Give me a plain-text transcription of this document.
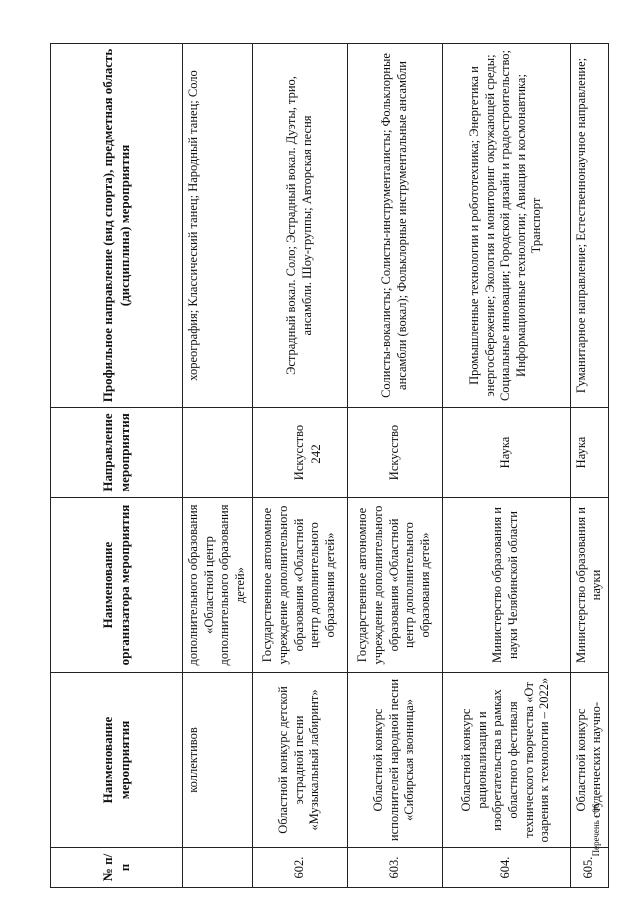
242
Перечень - 06
№ п/п	Наименование мероприятия	Наименование организатора мероприятия	Направление мероприятия	Профильное направление (вид спорта), предметная область (дисциплина) мероприятия
	коллективов	дополнительного образования «Областной центр дополнительного образования детей»		хореография; Классический танец; Народный танец; Соло
602.	Областной конкурс детской эстрадной песни «Музыкальный лабиринт»	Государственное автономное учреждение дополнительного образования «Областной центр дополнительного образования детей»	Искусство	Эстрадный вокал. Соло; Эстрадный вокал. Дуэты, трио, ансамбли. Шоу-группы; Авторская песня
603.	Областной конкурс исполнителей народной песни «Сибирская звонница»	Государственное автономное учреждение дополнительного образования «Областной центр дополнительного образования детей»	Искусство	Солисты-вокалисты; Солисты-инструменталисты; Фольклорные ансамбли (вокал); Фольклорные инструментальные ансамбли
604.	Областной конкурс рационализации и изобретательства в рамках областного фестиваля технического творчества «От озарения к технологии – 2022»	Министерство образования и науки Челябинской области	Наука	Промышленные технологии и робототехника; Энергетика и энергосбережение; Экология и мониторинг окружающей среды; Социальные инновации; Городской дизайн и градостроительство; Информационные технологии; Авиация и космонавтика; Транспорт
605.	Областной конкурс студенческих научно-	Министерство образования и науки	Наука	Гуманитарное направление; Естественнонаучное направление;
